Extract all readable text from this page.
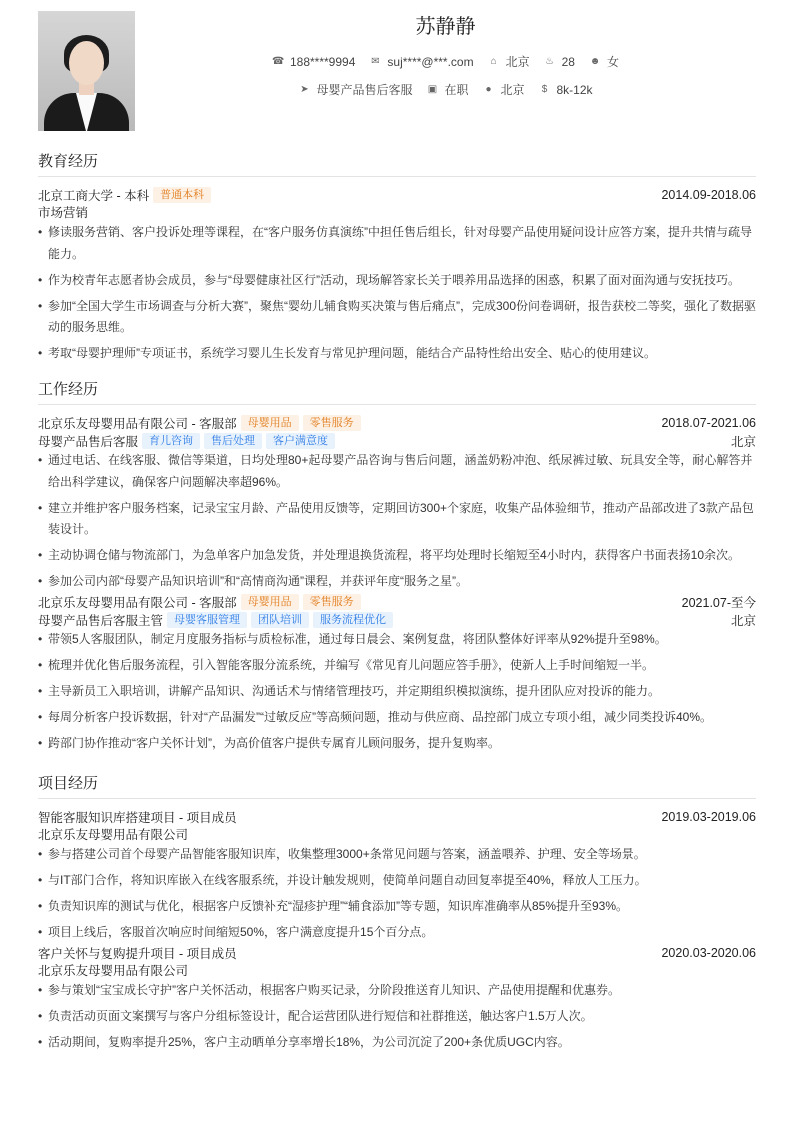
苏静静
☎ 188****9994 ✉ suj****@***.com ⌂ 北京 ♨ 28 ☻ 女
➤ 母婴产品售后客服 ▣ 在职 ● 北京	$ 8k-12k
教育经历
北京工商大学 - 本科	普通本科	2014.09-2018.06
市场营销
• 修读服务营销、客户投诉处理等课程，在“客户服务仿真演练”中担任售后组长，针对母婴产品使用疑问设计应答方案，提升共情与疏导能力。
• 作为校青年志愿者协会成员，参与“母婴健康社区行”活动，现场解答家长关于喂养用品选择的困惑，积累了面对面沟通与安抚技巧。
• 参加“全国大学生市场调查与分析大赛”，聚焦“婴幼儿辅食购买决策与售后痛点”，完成300份问卷调研，报告获校二等奖，强化了数据驱动的服务思维。
• 考取“母婴护理师”专项证书，系统学习婴儿生长发育与常见护理问题，能结合产品特性给出安全、贴心的使用建议。
工作经历
北京乐友母婴用品有限公司 - 客服部	母婴用品	零售服务	2018.07-2021.06
母婴产品售后客服	育儿咨询	售后处理	客户满意度	北京
• 通过电话、在线客服、微信等渠道，日均处理80+起母婴产品咨询与售后问题，涵盖奶粉冲泡、纸尿裤过敏、玩具安全等，耐心解答并给出科学建议，确保客户问题解决率超96%。
• 建立并维护客户服务档案，记录宝宝月龄、产品使用反馈等，定期回访300+个家庭，收集产品体验细节，推动产品部改进了3款产品包装设计。
• 主动协调仓储与物流部门，为急单客户加急发货，并处理退换货流程，将平均处理时长缩短至4小时内，获得客户书面表扬10余次。
• 参加公司内部“母婴产品知识培训”和“高情商沟通”课程，并获评年度“服务之星”。
北京乐友母婴用品有限公司 - 客服部	母婴用品	零售服务	2021.07-至今
母婴产品售后客服主管	母婴客服管理	团队培训	服务流程优化	北京
• 带领5人客服团队，制定月度服务指标与质检标准，通过每日晨会、案例复盘，将团队整体好评率从92%提升至98%。
• 梳理并优化售后服务流程，引入智能客服分流系统，并编写《常见育儿问题应答手册》，使新人上手时间缩短一半。
• 主导新员工入职培训，讲解产品知识、沟通话术与情绪管理技巧，并定期组织模拟演练，提升团队应对投诉的能力。
• 每周分析客户投诉数据，针对“产品漏发”“过敏反应”等高频问题，推动与供应商、品控部门成立专项小组，减少同类投诉40%。
• 跨部门协作推动“客户关怀计划”，为高价值客户提供专属育儿顾问服务，提升复购率。
项目经历
智能客服知识库搭建项目 - 项目成员	2019.03-2019.06
北京乐友母婴用品有限公司
• 参与搭建公司首个母婴产品智能客服知识库，收集整理3000+条常见问题与答案，涵盖喂养、护理、安全等场景。
• 与IT部门合作，将知识库嵌入在线客服系统，并设计触发规则，使简单问题自动回复率提至40%，释放人工压力。
• 负责知识库的测试与优化，根据客户反馈补充“湿疹护理”“辅食添加”等专题，知识库准确率从85%提升至93%。
• 项目上线后，客服首次响应时间缩短50%，客户满意度提升15个百分点。
客户关怀与复购提升项目 - 项目成员	2020.03-2020.06
北京乐友母婴用品有限公司
• 参与策划“宝宝成长守护”客户关怀活动，根据客户购买记录，分阶段推送育儿知识、产品使用提醒和优惠券。
• 负责活动页面文案撰写与客户分组标签设计，配合运营团队进行短信和社群推送，触达客户1.5万人次。
• 活动期间，复购率提升25%，客户主动晒单分享率增长18%，为公司沉淀了200+条优质UGC内容。
